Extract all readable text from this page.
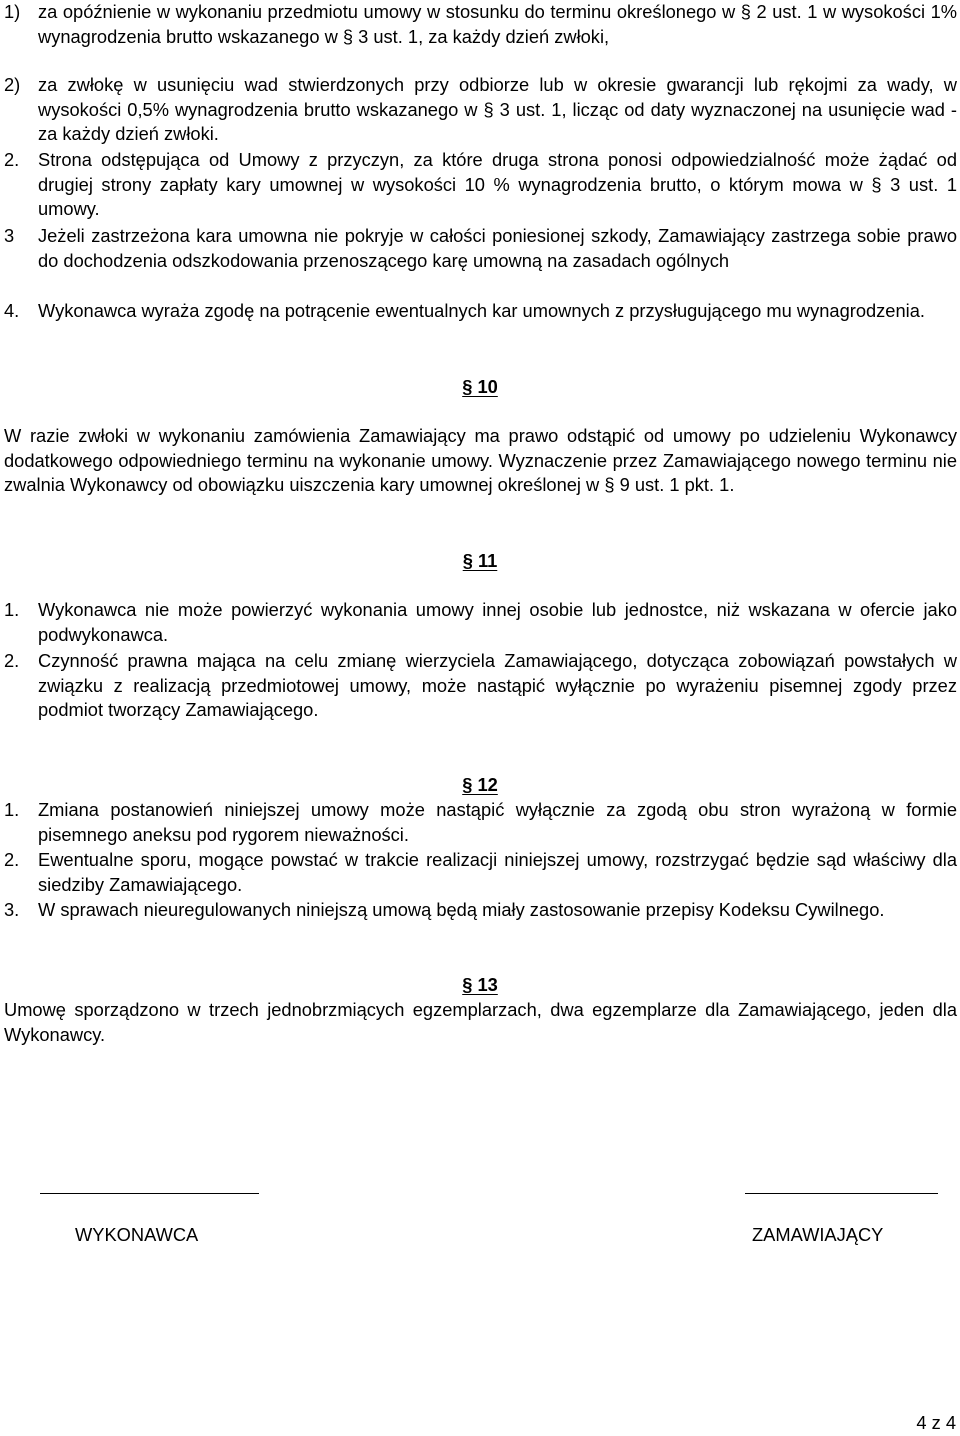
1) za opóźnienie w wykonaniu przedmiotu umowy w stosunku do terminu określonego w § 2 ust. 1 w wysokości 1% wynagrodzenia brutto wskazanego w § 3 ust. 1, za każdy dzień zwłoki,
2) za zwłokę w usunięciu wad stwierdzonych przy odbiorze lub w okresie gwarancji lub rękojmi za wady, w wysokości 0,5% wynagrodzenia brutto wskazanego w § 3 ust. 1, licząc od daty wyznaczonej na usunięcie wad - za każdy dzień zwłoki.
2. Strona odstępująca od Umowy z przyczyn, za które druga strona ponosi odpowiedzialność może żądać od drugiej strony zapłaty kary umownej w wysokości 10 % wynagrodzenia brutto, o którym mowa w § 3 ust. 1 umowy.
3 Jeżeli zastrzeżona kara umowna nie pokryje w całości poniesionej szkody, Zamawiający zastrzega sobie prawo do dochodzenia odszkodowania przenoszącego karę umowną na zasadach ogólnych
4. Wykonawca wyraża zgodę na potrącenie ewentualnych kar umownych z przysługującego mu wynagrodzenia.
§ 10
W razie zwłoki w wykonaniu zamówienia Zamawiający ma prawo odstąpić od umowy po udzieleniu Wykonawcy dodatkowego odpowiedniego terminu na wykonanie umowy. Wyznaczenie przez Zamawiającego nowego terminu nie zwalnia Wykonawcy od obowiązku uiszczenia kary umownej określonej w § 9 ust. 1 pkt. 1.
§ 11
1. Wykonawca nie może powierzyć wykonania umowy innej osobie lub jednostce, niż wskazana w ofercie jako podwykonawca.
2. Czynność prawna mająca na celu zmianę wierzyciela Zamawiającego, dotycząca zobowiązań powstałych w związku z realizacją przedmiotowej umowy, może nastąpić wyłącznie po wyrażeniu pisemnej zgody przez podmiot tworzący Zamawiającego.
§ 12
1. Zmiana postanowień niniejszej umowy może nastąpić wyłącznie za zgodą obu stron wyrażoną w formie pisemnego aneksu pod rygorem nieważności.
2. Ewentualne sporu, mogące powstać w trakcie realizacji niniejszej umowy, rozstrzygać będzie sąd właściwy dla siedziby Zamawiającego.
3. W sprawach nieuregulowanych niniejszą umową będą miały zastosowanie przepisy Kodeksu Cywilnego.
§ 13
Umowę sporządzono w trzech jednobrzmiących egzemplarzach, dwa egzemplarze dla Zamawiającego, jeden dla Wykonawcy.
WYKONAWCA	ZAMAWIAJĄCY
4 z 4
